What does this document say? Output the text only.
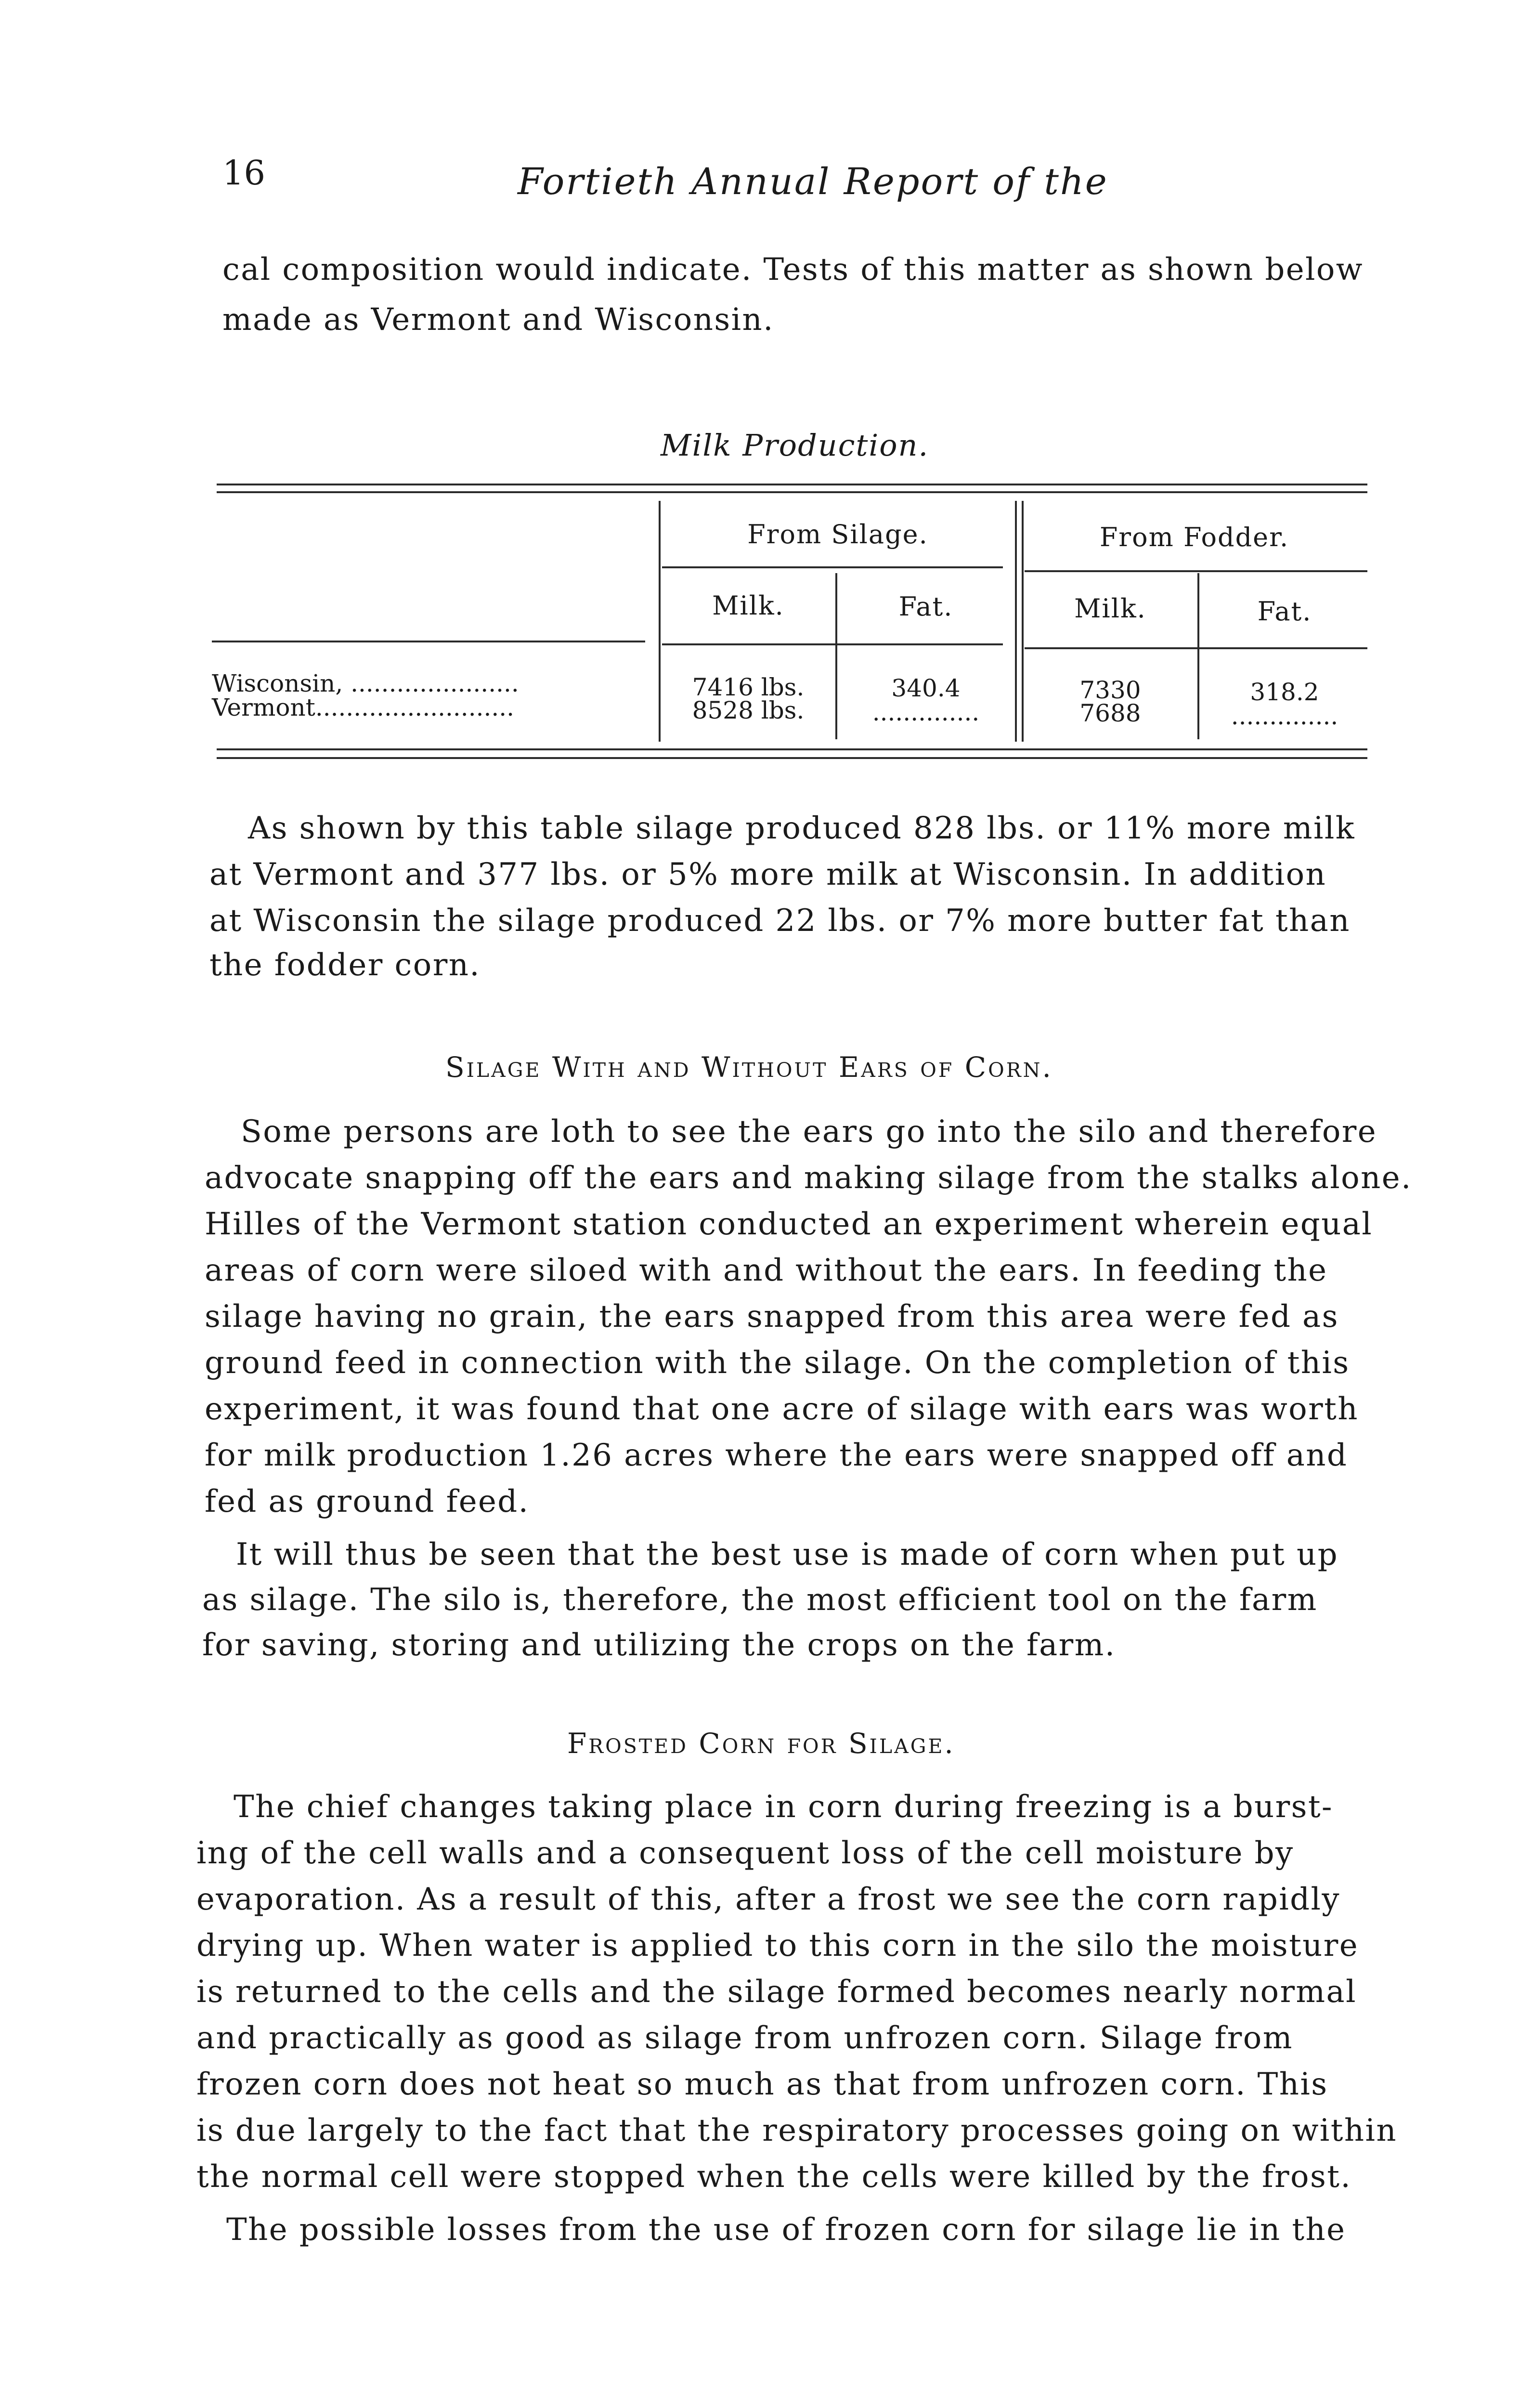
16	Fortieth Annual Report of the
cal composition would indicate. Tests of this matter as shown below
made as Vermont and Wisconsin.
Milk Production.
From Silage.	From Fodder.
Milk.	Fat.	Milk.	Fat.
Wisconsin, ......................	7416 lbs.	340.4	7330	318.2
Vermont..........................	8528 lbs.	..............	7688	..............
As shown by this table silage produced 828 lbs. or 11% more milk
at Vermont and 377 lbs. or 5% more milk at Wisconsin. In addition
at Wisconsin the silage produced 22 lbs. or 7% more butter fat than
the fodder corn.
Silage With and Without Ears of Corn.
Some persons are loth to see the ears go into the silo and therefore
advocate snapping off the ears and making silage from the stalks alone.
Hilles of the Vermont station conducted an experiment wherein equal
areas of corn were siloed with and without the ears. In feeding the
silage having no grain, the ears snapped from this area were fed as
ground feed in connection with the silage. On the completion of this
experiment, it was found that one acre of silage with ears was worth
for milk production 1.26 acres where the ears were snapped off and
fed as ground feed.
It will thus be seen that the best use is made of corn when put up
as silage. The silo is, therefore, the most efficient tool on the farm
for saving, storing and utilizing the crops on the farm.
Frosted Corn for Silage.
The chief changes taking place in corn during freezing is a burst-
ing of the cell walls and a consequent loss of the cell moisture by
evaporation. As a result of this, after a frost we see the corn rapidly
drying up. When water is applied to this corn in the silo the moisture
is returned to the cells and the silage formed becomes nearly normal
and practically as good as silage from unfrozen corn. Silage from
frozen corn does not heat so much as that from unfrozen corn. This
is due largely to the fact that the respiratory processes going on within
the normal cell were stopped when the cells were killed by the frost.
The possible losses from the use of frozen corn for silage lie in the
